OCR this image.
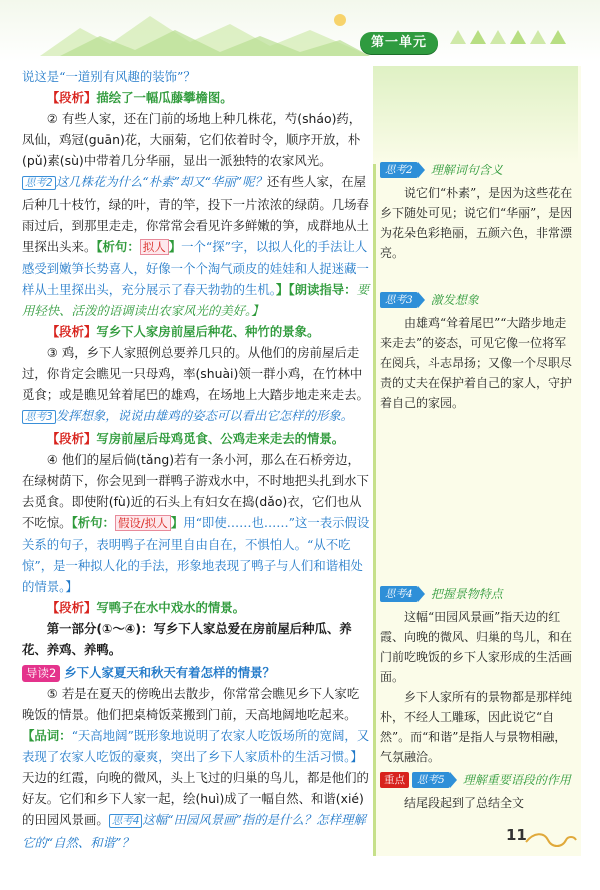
第一单元

说这是“一道别有风趣的装饰”？

【段析】描绘了一幅瓜藤攀檐图。

② 有些人家，还在门前的场地上种几株花，芍(sháo)药，凤仙，鸡冠(guān)花，大丽菊，它们依着时令，顺序开放，朴(pǔ)素(sù)中带着几分华丽，显出一派独特的农家风光。

思考2 这几株花为什么“朴素”却又“华丽”呢？还有些人家，在屋后种几十枝竹，绿的叶，青的竿，投下一片浓浓的绿荫。几场春雨过后，到那里走走，你常常会看见许多鲜嫩的笋，成群地从土里探出头来。【析句： 拟人 】一个“探”字，以拟人化的手法让人感受到嫩笋长势喜人，好像一个个淘气顽皮的娃娃和人捉迷藏一样从土里探出头，充分展示了春天勃勃的生机。】【朗读指导：要用轻快、活泼的语调读出农家风光的美好。】

【段析】写乡下人家房前屋后种花、种竹的景象。

③ 鸡，乡下人家照例总要养几只的。从他们的房前屋后走过，你肯定会瞧见一只母鸡，率(shuài)领一群小鸡，在竹林中觅食；或是瞧见耸着尾巴的雄鸡，在场地上大踏步地走来走去。思考3 发挥想象，说说由雄鸡的姿态可以看出它怎样的形象。

【段析】写房前屋后母鸡觅食、公鸡走来走去的情景。

④ 他们的屋后倘(tǎng)若有一条小河，那么在石桥旁边，在绿树荫下，你会见到一群鸭子游戏水中，不时地把头扎到水下去觅食。即使附(fù)近的石头上有妇女在捣(dǎo)衣，它们也从不吃惊。【析句： 假设/拟人 】用“即使……也……”这一表示假设关系的句子，表明鸭子在河里自由自在，不惧怕人。“从不吃惊”，是一种拟人化的手法，形象地表现了鸭子与人们和谐相处的情景。】

【段析】写鸭子在水中戏水的情景。

第一部分(①～④)：写乡下人家总爱在房前屋后种瓜、养花、养鸡、养鸭。

导读2 乡下人家夏天和秋天有着怎样的情景？

⑤ 若是在夏天的傍晚出去散步，你常常会瞧见乡下人家吃晚饭的情景。他们把桌椅饭菜搬到门前，天高地阔地吃起来。【品词：“天高地阔”既形象地说明了农家人吃饭场所的宽阔，又表现了农家人吃饭的豪爽，突出了乡下人家质朴的生活习惯。】天边的红霞，向晚的微风，头上飞过的归巢的鸟儿，都是他们的好友。它们和乡下人家一起，绘(huì)成了一幅自然、和谐(xié)的田园风景画。 思考4 这幅“田园风景画”指的是什么？怎样理解它的“自然、和谐”？

思考2	理解词句含义

说它们“朴素”，是因为这些花在乡下随处可见；说它们“华丽”，是因为花朵色彩艳丽，五颜六色，非常漂亮。

思考3	激发想象

由雄鸡“耸着尾巴”“大踏步地走来走去”的姿态，可见它像一位将军在阅兵，斗志昂扬；又像一个尽职尽责的丈夫在保护着自己的家人，守护着自己的家园。

思考4	把握景物特点

这幅“田园风景画”指天边的红霞、向晚的微风、归巢的鸟儿，和在门前吃晚饭的乡下人家形成的生活画面。

乡下人家所有的景物都是那样纯朴，不经人工雕琢，因此说它“自然”。而“和谐”是指人与景物相融，气氛融洽。

重点	思考5	理解重要语段的作用

结尾段起到了总结全文

11
